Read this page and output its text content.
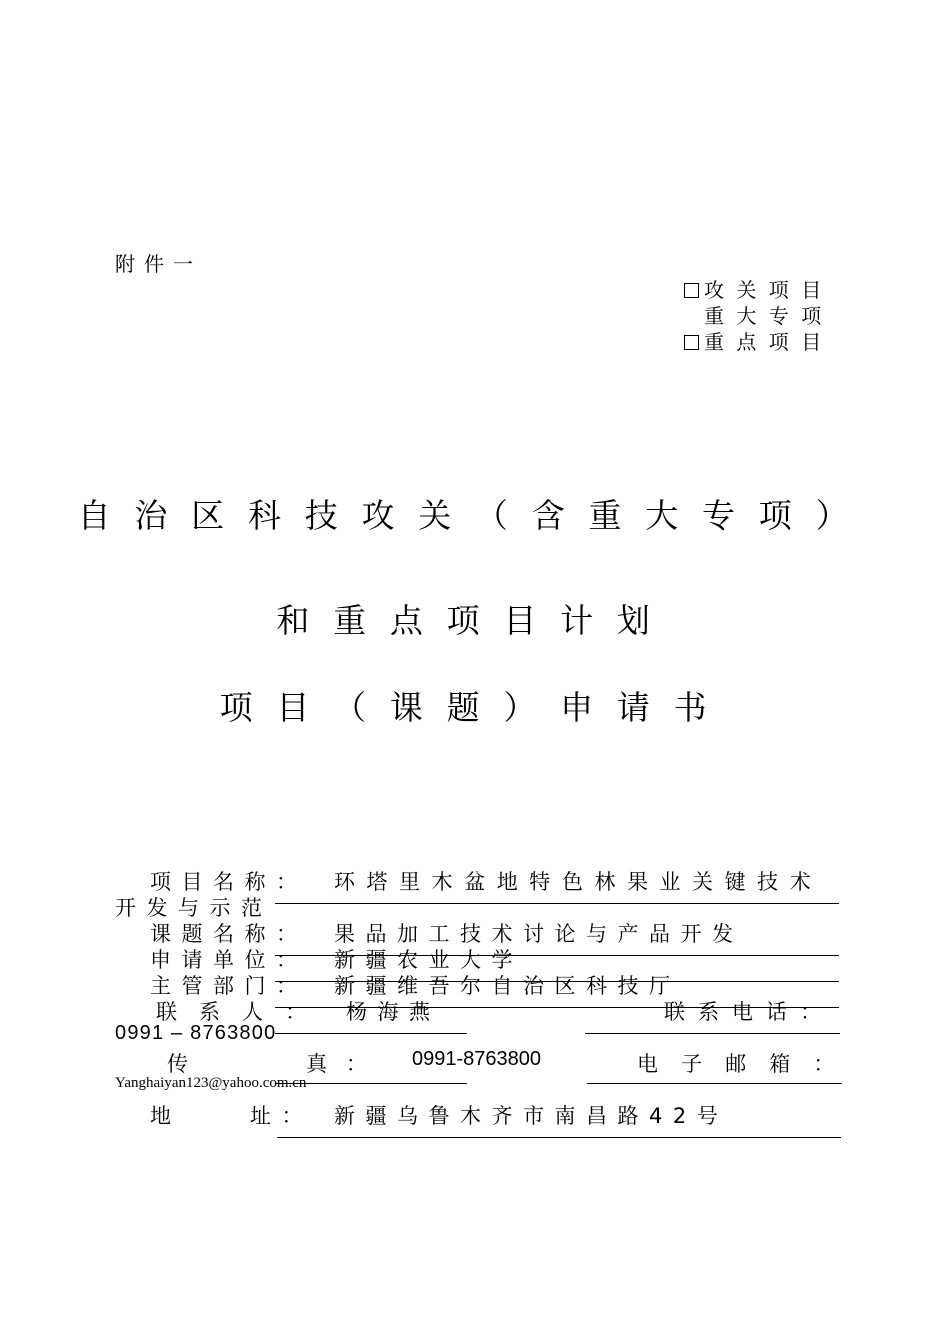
附件一
攻关项目
重大专项
重点项目
自治区科技攻关（含重大专项）
和重点项目计划
项目（课题）申请书
项目名称： 环塔里木盆地特色林果业关键技术
开发与示范
课题名称： 果品加工技术讨论与产品开发
申请单位： 新疆农业大学
主管部门： 新疆维吾尔自治区科技厅
联系人： 杨海燕	联系电话：
0991 – 8763800
传	真： 0991-8763800	电子邮箱：
Yanghaiyan123@yahoo.com.cn
地	址： 新疆乌鲁木齐市南昌路42号
